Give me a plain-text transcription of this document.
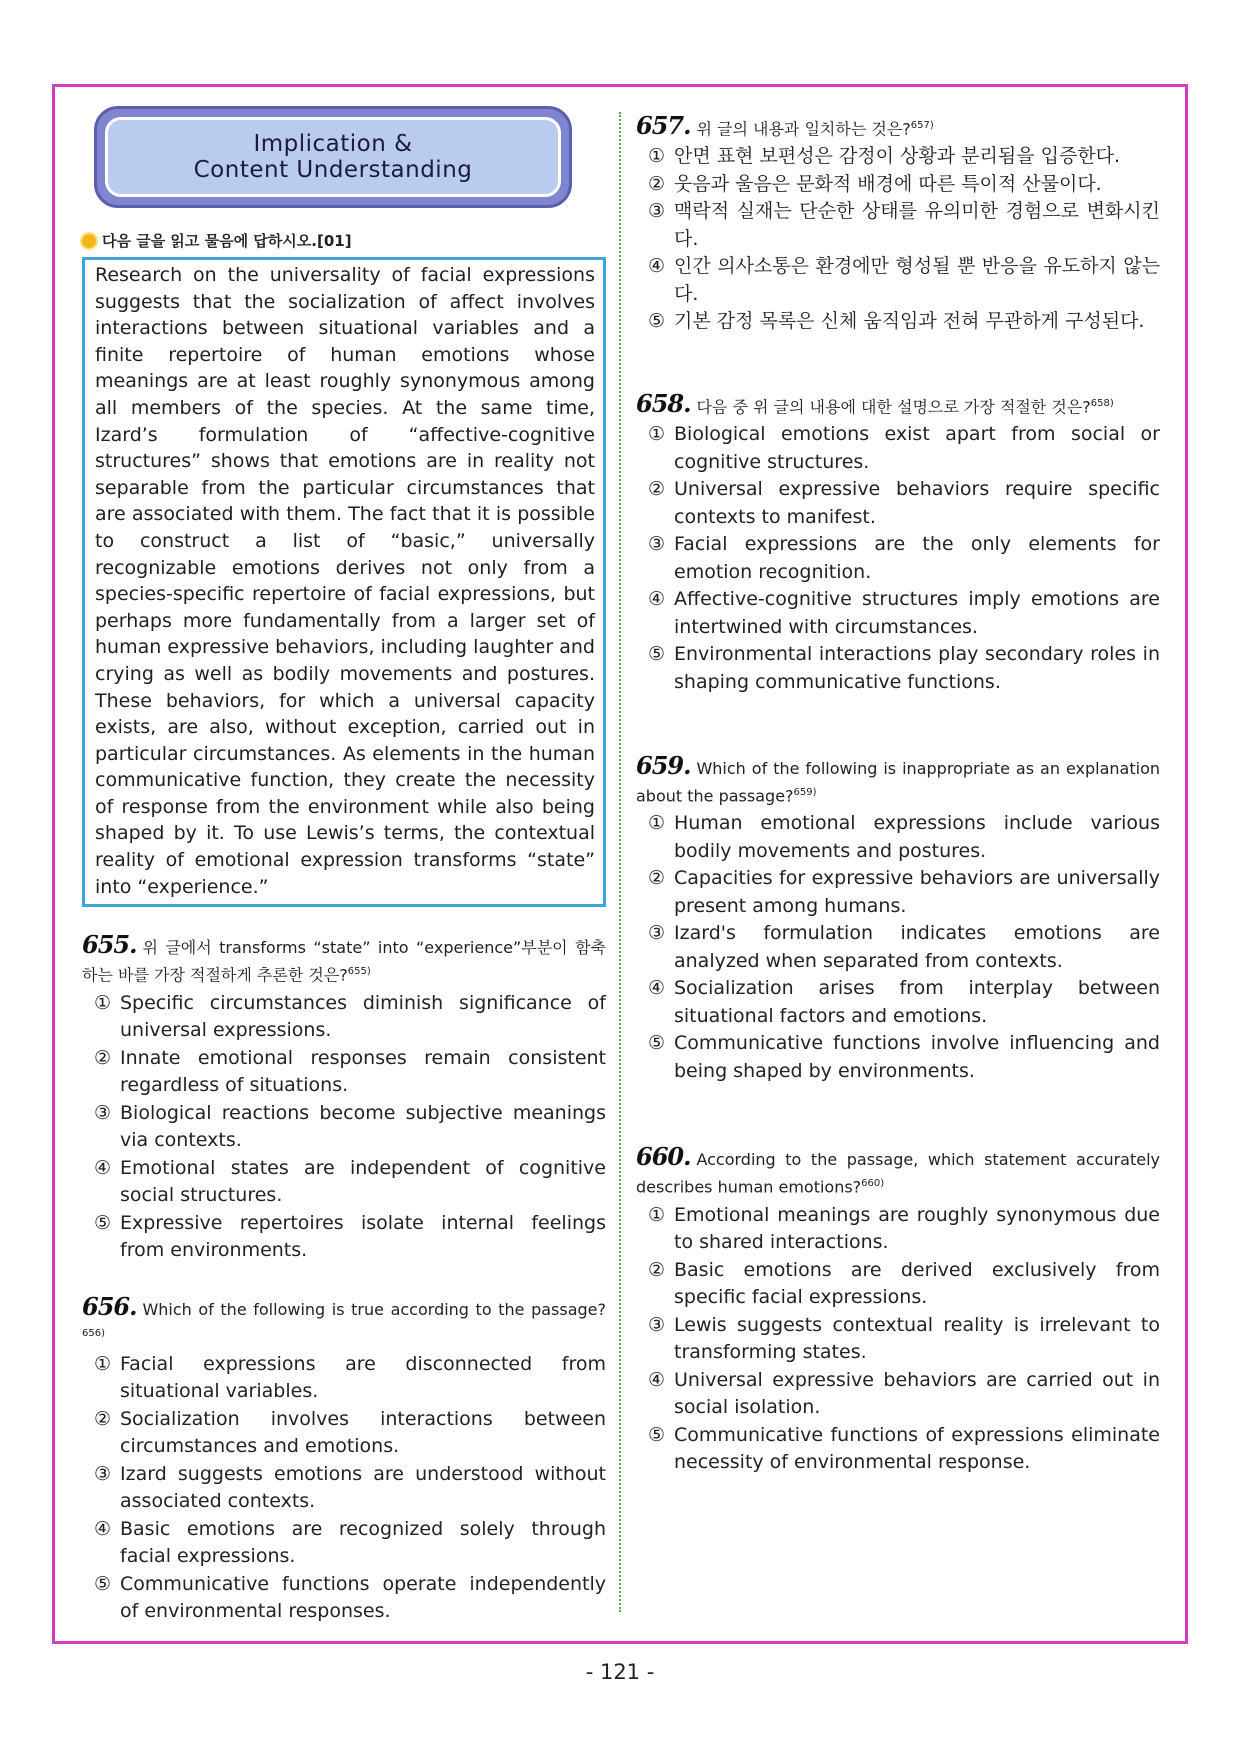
Implication &
Content Understanding
다음 글을 읽고 물음에 답하시오.[01]
Research on the universality of facial expressions suggests that the socialization of affect involves interactions between situational variables and a finite repertoire of human emotions whose meanings are at least roughly synonymous among all members of the species. At the same time, Izard’s formulation of “affective-cognitive structures” shows that emotions are in reality not separable from the particular circumstances that are associated with them. The fact that it is possible to construct a list of “basic,” universally recognizable emotions derives not only from a species-specific repertoire of facial expressions, but perhaps more fundamentally from a larger set of human expressive behaviors, including laughter and crying as well as bodily movements and postures. These behaviors, for which a universal capacity exists, are also, without exception, carried out in particular circumstances. As elements in the human communicative function, they create the necessity of response from the environment while also being shaped by it. To use Lewis’s terms, the contextual reality of emotional expression transforms “state” into “experience.”
655. 위 글에서 transforms “state” into “experience”부분이 함축하는 바를 가장 적절하게 추론한 것은?$^{655)}$
① Specific circumstances diminish significance of universal expressions.
② Innate emotional responses remain consistent regardless of situations.
③ Biological reactions become subjective meanings via contexts.
④ Emotional states are independent of cognitive social structures.
⑤ Expressive repertoires isolate internal feelings from environments.
656. Which of the following is true according to the passage?$^{656)}$
① Facial expressions are disconnected from situational variables.
② Socialization involves interactions between circumstances and emotions.
③ Izard suggests emotions are understood without associated contexts.
④ Basic emotions are recognized solely through facial expressions.
⑤ Communicative functions operate independently of environmental responses.
657. 위 글의 내용과 일치하는 것은?$^{657)}$
① 안면 표현 보편성은 감정이 상황과 분리됨을 입증한다.
② 웃음과 울음은 문화적 배경에 따른 특이적 산물이다.
③ 맥락적 실재는 단순한 상태를 유의미한 경험으로 변화시킨다.
④ 인간 의사소통은 환경에만 형성될 뿐 반응을 유도하지 않는다.
⑤ 기본 감정 목록은 신체 움직임과 전혀 무관하게 구성된다.
658. 다음 중 위 글의 내용에 대한 설명으로 가장 적절한 것은?$^{658)}$
① Biological emotions exist apart from social or cognitive structures.
② Universal expressive behaviors require specific contexts to manifest.
③ Facial expressions are the only elements for emotion recognition.
④ Affective-cognitive structures imply emotions are intertwined with circumstances.
⑤ Environmental interactions play secondary roles in shaping communicative functions.
659. Which of the following is inappropriate as an explanation about the passage?$^{659)}$
① Human emotional expressions include various bodily movements and postures.
② Capacities for expressive behaviors are universally present among humans.
③ Izard's formulation indicates emotions are analyzed when separated from contexts.
④ Socialization arises from interplay between situational factors and emotions.
⑤ Communicative functions involve influencing and being shaped by environments.
660. According to the passage, which statement accurately describes human emotions?$^{660)}$
① Emotional meanings are roughly synonymous due to shared interactions.
② Basic emotions are derived exclusively from specific facial expressions.
③ Lewis suggests contextual reality is irrelevant to transforming states.
④ Universal expressive behaviors are carried out in social isolation.
⑤ Communicative functions of expressions eliminate necessity of environmental response.
- 121 -
